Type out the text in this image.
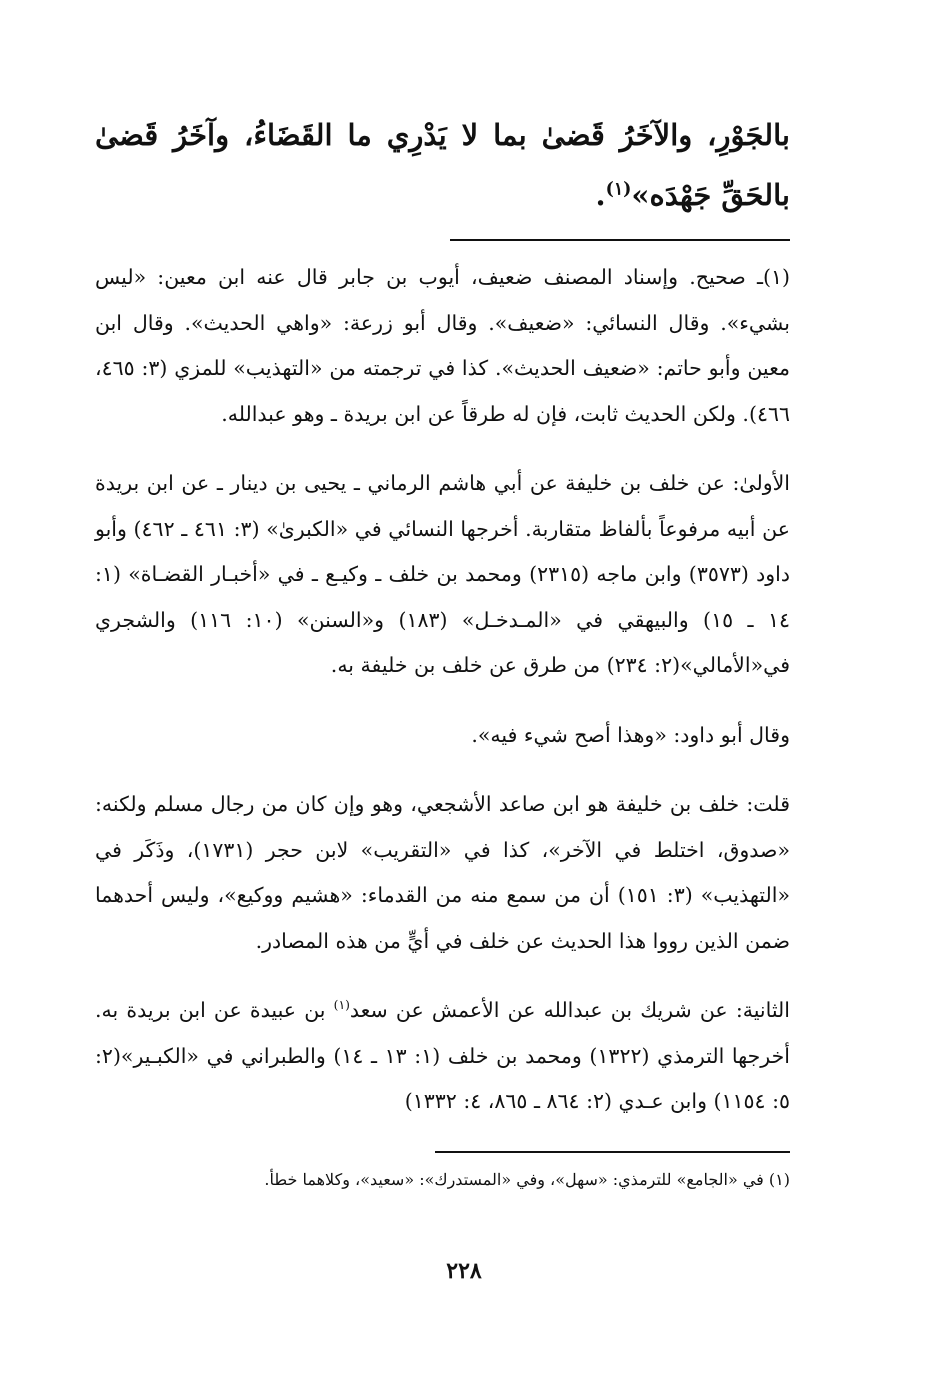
بالجَوْرِ، والآخَرُ قَضىٰ بما لا يَدْرِي ما القَضَاءُ، وآخَرُ قَضىٰ بالحَقِّ جَهْدَه»$^{(١)}$.

(١)ـ صحيح. وإسناد المصنف ضعيف، أيوب بن جابر قال عنه ابن معين: «ليس بشيء». وقال النسائي: «ضعيف». وقال أبو زرعة: «واهي الحديث». وقال ابن معين وأبو حاتم: «ضعيف الحديث». كذا في ترجمته من «التهذيب» للمزي (٣: ٤٦٥، ٤٦٦). ولكن الحديث ثابت، فإن له طرقاً عن ابن بريدة ـ وهو عبدالله.

الأولىٰ: عن خلف بن خليفة عن أبي هاشم الرماني ـ يحيى بن دينار ـ عن ابن بريدة عن أبيه مرفوعاً بألفاظ متقاربة. أخرجها النسائي في «الكبرىٰ» (٣: ٤٦١ ـ ٤٦٢) وأبو داود (٣٥٧٣) وابن ماجه (٢٣١٥) ومحمد بن خلف ـ وكيـع ـ في «أخبـار القضـاة» (١: ١٤ ـ ١٥) والبيهقي في «المـدخـل» (١٨٣) و«السنن» (١٠: ١١٦) والشجري في«الأمالي»(٢: ٢٣٤) من طرق عن خلف بن خليفة به.

وقال أبو داود: «وهذا أصح شيء فيه».

قلت: خلف بن خليفة هو ابن صاعد الأشجعي، وهو وإن كان من رجال مسلم ولكنه: «صدوق، اختلط في الآخر»، كذا في «التقريب» لابن حجر (١٧٣١)، وذَكَر في «التهذيب» (٣: ١٥١) أن من سمع منه من القدماء: «هشيم ووكيع»، وليس أحدهما ضمن الذين رووا هذا الحديث عن خلف في أيٍّ من هذه المصادر.

الثانية: عن شريك بن عبدالله عن الأعمش عن سعد$^{(١)}$ بن عبيدة عن ابن بريدة به. أخرجها الترمذي (١٣٢٢) ومحمد بن خلف (١: ١٣ ـ ١٤) والطبراني في «الكبـير»(٢: ٥: ١١٥٤) وابن عـدي (٢: ٨٦٤ ـ ٨٦٥، ٤: ١٣٣٢)

(١) في «الجامع» للترمذي: «سهل»، وفي «المستدرك»: «سعيد»، وكلاهما خطأ.

٢٢٨
